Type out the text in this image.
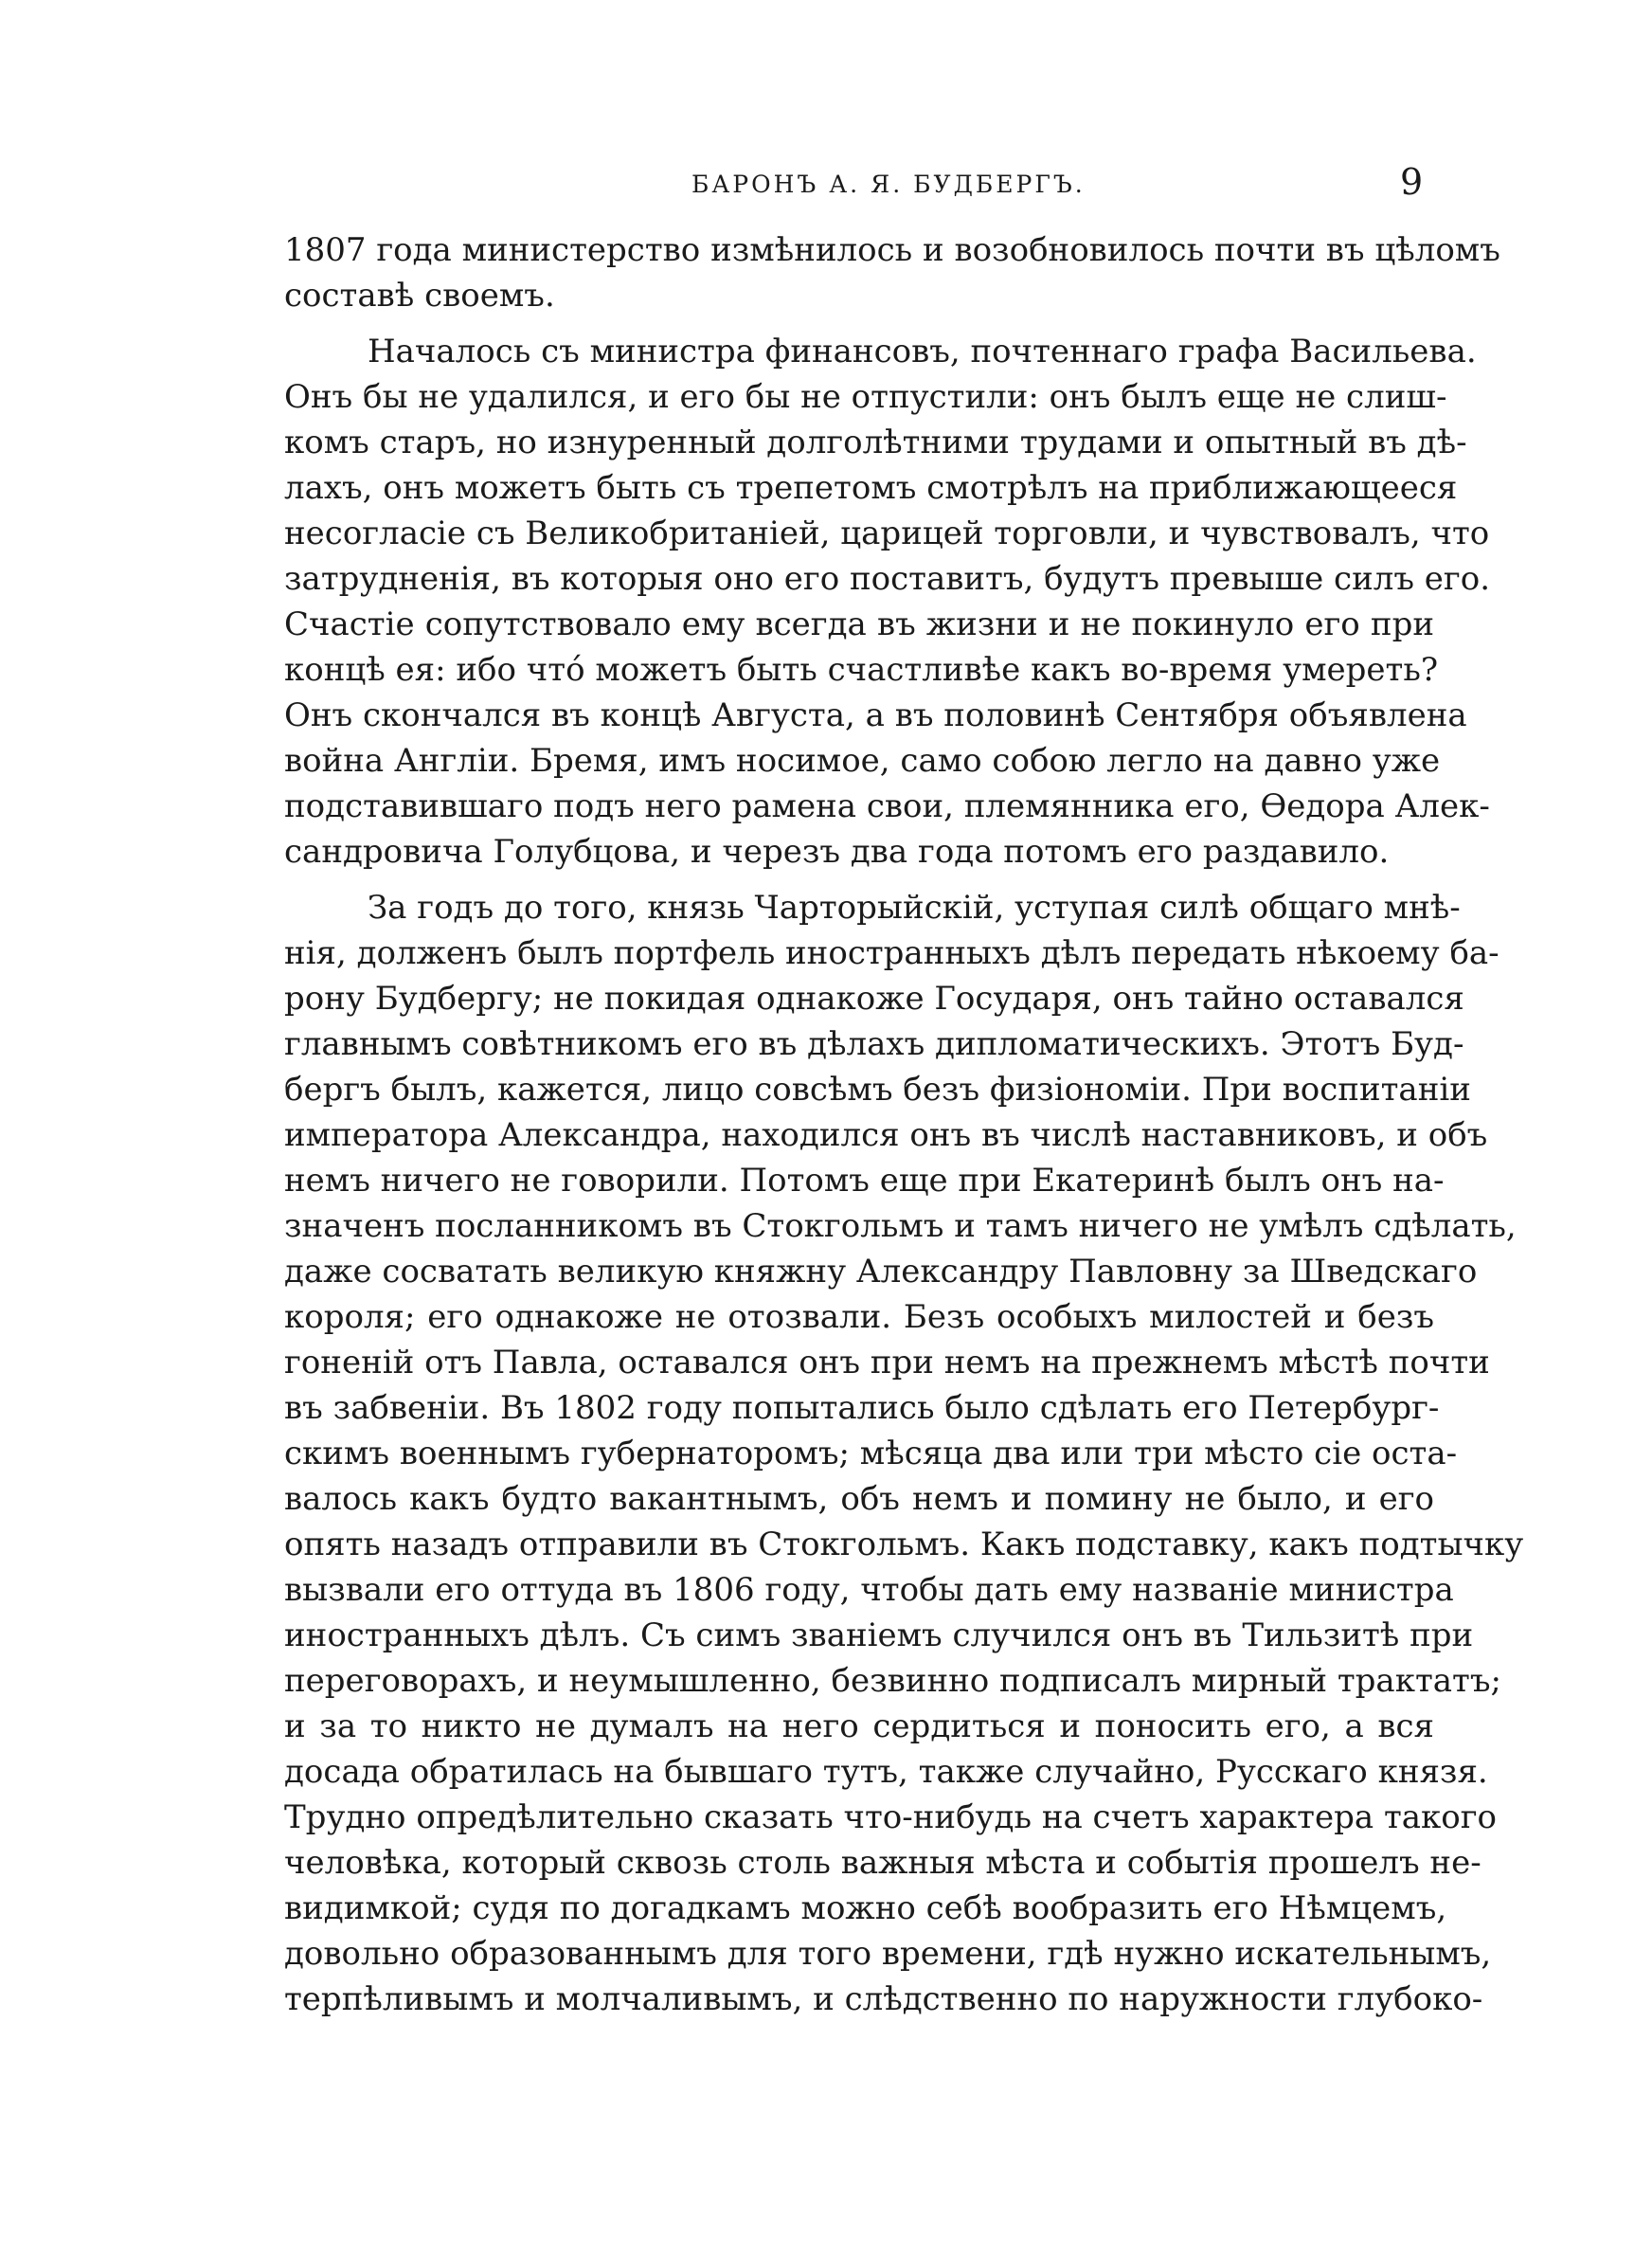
БАРОНЪ А. Я. БУДБЕРГЪ.	9
1807 года министерство измѣнилось и возобновилось почти въ цѣломъ
составѣ своемъ.
Началось съ министра финансовъ, почтеннаго графа Васильева.
Онъ бы не удалился, и его бы не отпустили: онъ былъ еще не слиш-
комъ старъ, но изнуренный долголѣтними трудами и опытный въ дѣ-
лахъ, онъ можетъ быть съ трепетомъ смотрѣлъ на приближающееся
несогласіе съ Великобританіей, царицей торговли, и чувствовалъ, что
затрудненія, въ которыя оно его поставитъ, будутъ превыше силъ его.
Счастіе сопутствовало ему всегда въ жизни и не покинуло его при
концѣ ея: ибо что́ можетъ быть счастливѣе какъ во-время умереть?
Онъ скончался въ концѣ Августа, а въ половинѣ Сентября объявлена
война Англіи. Бремя, имъ носимое, само собою легло на давно уже
подставившаго подъ него рамена свои, племянника его, Ѳедора Алек-
сандровича Голубцова, и черезъ два года потомъ его раздавило.
За годъ до того, князь Чарторыйскій, уступая силѣ общаго мнѣ-
нія, долженъ былъ портфель иностранныхъ дѣлъ передать нѣкоему ба-
рону Будбергу; не покидая однакоже Государя, онъ тайно оставался
главнымъ совѣтникомъ его въ дѣлахъ дипломатическихъ. Этотъ Буд-
бергъ былъ, кажется, лицо совсѣмъ безъ физіономіи. При воспитаніи
императора Александра, находился онъ въ числѣ наставниковъ, и объ
немъ ничего не говорили. Потомъ еще при Екатеринѣ былъ онъ на-
значенъ посланникомъ въ Стокгольмъ и тамъ ничего не умѣлъ сдѣлать,
даже сосватать великую княжну Александру Павловну за Шведскаго
короля; его однакоже не отозвали. Безъ особыхъ милостей и безъ
гоненій отъ Павла, оставался онъ при немъ на прежнемъ мѣстѣ почти
въ забвеніи. Въ 1802 году попытались было сдѣлать его Петербург-
скимъ военнымъ губернаторомъ; мѣсяца два или три мѣсто сіе оста-
валось какъ будто вакантнымъ, объ немъ и помину не было, и его
опять назадъ отправили въ Стокгольмъ. Какъ подставку, какъ подтычку
вызвали его оттуда въ 1806 году, чтобы дать ему названіе министра
иностранныхъ дѣлъ. Съ симъ званіемъ случился онъ въ Тильзитѣ при
переговорахъ, и неумышленно, безвинно подписалъ мирный трактатъ;
и за то никто не думалъ на него сердиться и поносить его, а вся
досада обратилась на бывшаго тутъ, также случайно, Русскаго князя.
Трудно опредѣлительно сказать что-нибудь на счетъ характера такого
человѣка, который сквозь столь важныя мѣста и событія прошелъ не-
видимкой; судя по догадкамъ можно себѣ вообразить его Нѣмцемъ,
довольно образованнымъ для того времени, гдѣ нужно искательнымъ,
терпѣливымъ и молчаливымъ, и слѣдственно по наружности глубоко-
